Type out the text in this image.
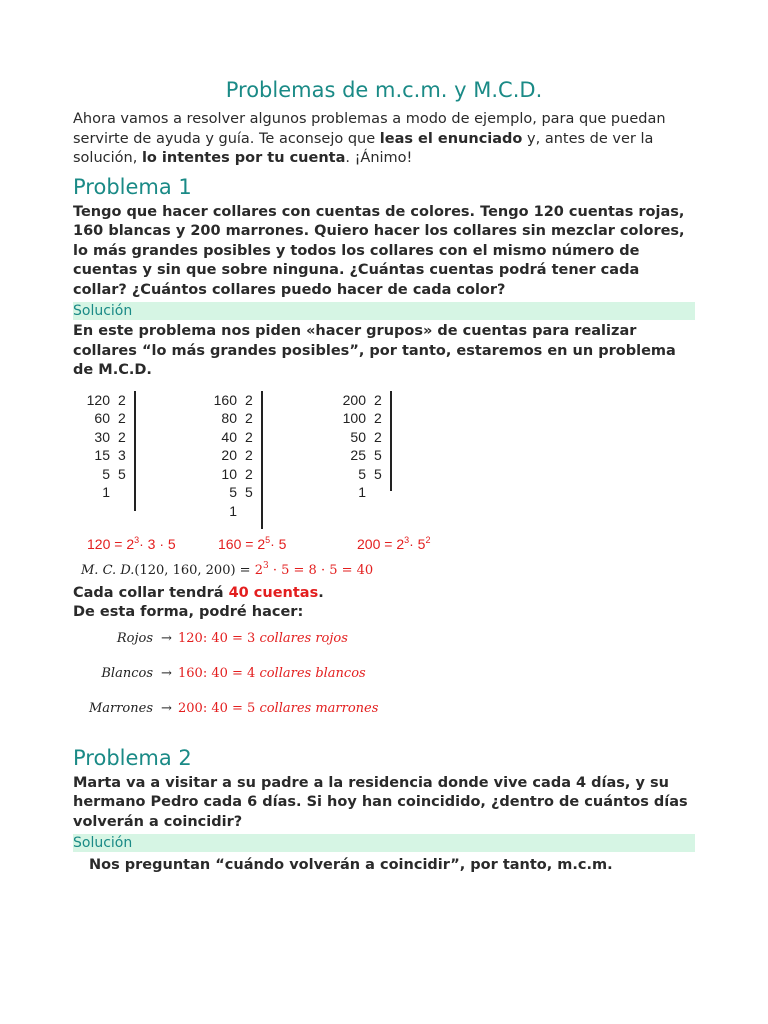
Problemas de m.c.m. y M.C.D.

Ahora vamos a resolver algunos problemas a modo de ejemplo, para que puedan servirte de ayuda y guía. Te aconsejo que leas el enunciado y, antes de ver la solución, lo intentes por tu cuenta. ¡Ánimo!

Problema 1

Tengo que hacer collares con cuentas de colores. Tengo 120 cuentas rojas, 160 blancas y 200 marrones. Quiero hacer los collares sin mezclar colores, lo más grandes posibles y todos los collares con el mismo número de cuentas y sin que sobre ninguna. ¿Cuántas cuentas podrá tener cada collar? ¿Cuántos collares puedo hacer de cada color?

Solución

En este problema nos piden «hacer grupos» de cuentas para realizar collares “lo más grandes posibles”, por tanto, estaremos en un problema de M.C.D.

120 2
60 2
30 2
15 3
5 5
1
160 2
80 2
40 2
20 2
10 2
5 5
1
200 2
100 2
50 2
25 5
5 5
1
$120 = 2^3\cdot 3 \cdot 5$	$160 = 2^5\cdot 5$	$200 = 2^3\cdot 5^2$
M. C. D.(120, 160, $200) = 2^3 \cdot 5 = 8 \cdot 5 = 40$

Cada collar tendrá 40 cuentas.

De esta forma, podré hacer:

Rojos → 120: 40 = 3 collares rojos
Blancos → 160: 40 = 4 collares blancos
Marrones → 200: 40 = 5 collares marrones
Problema 2

Marta va a visitar a su padre a la residencia donde vive cada 4 días, y su hermano Pedro cada 6 días. Si hoy han coincidido, ¿dentro de cuántos días volverán a coincidir?

Solución

Nos preguntan “cuándo volverán a coincidir”, por tanto, m.c.m.
